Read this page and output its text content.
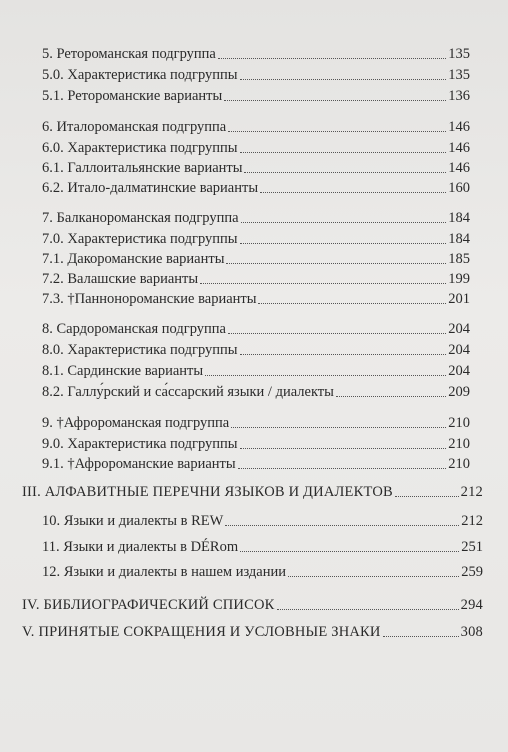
5. Ретороманская подгруппа	135
5.0. Характеристика подгруппы	135
5.1. Ретороманские варианты	136
6. Италороманская подгруппа	146
6.0. Характеристика подгруппы	146
6.1. Галлоитальянские варианты	146
6.2. Итало-далматинские варианты	160
7. Балканороманская подгруппа	184
7.0. Характеристика подгруппы	184
7.1. Дакороманские варианты	185
7.2. Валашские варианты	199
7.3. †Паннонороманские варианты	201
8. Сардороманская подгруппа	204
8.0. Характеристика подгруппы	204
8.1. Сардинские варианты	204
8.2. Галлу́рский и са́ссарский языки / диалекты	209
9. †Афророманская подгруппа	210
9.0. Характеристика подгруппы	210
9.1. †Афророманские варианты	210
III. АЛФАВИТНЫЕ ПЕРЕЧНИ ЯЗЫКОВ И ДИАЛЕКТОВ	212
10. Языки и диалекты в REW	212
11. Языки и диалекты в DÉRom	251
12. Языки и диалекты в нашем издании	259
IV. БИБЛИОГРАФИЧЕСКИЙ СПИСОК	294
V. ПРИНЯТЫЕ СОКРАЩЕНИЯ И УСЛОВНЫЕ ЗНАКИ	308
